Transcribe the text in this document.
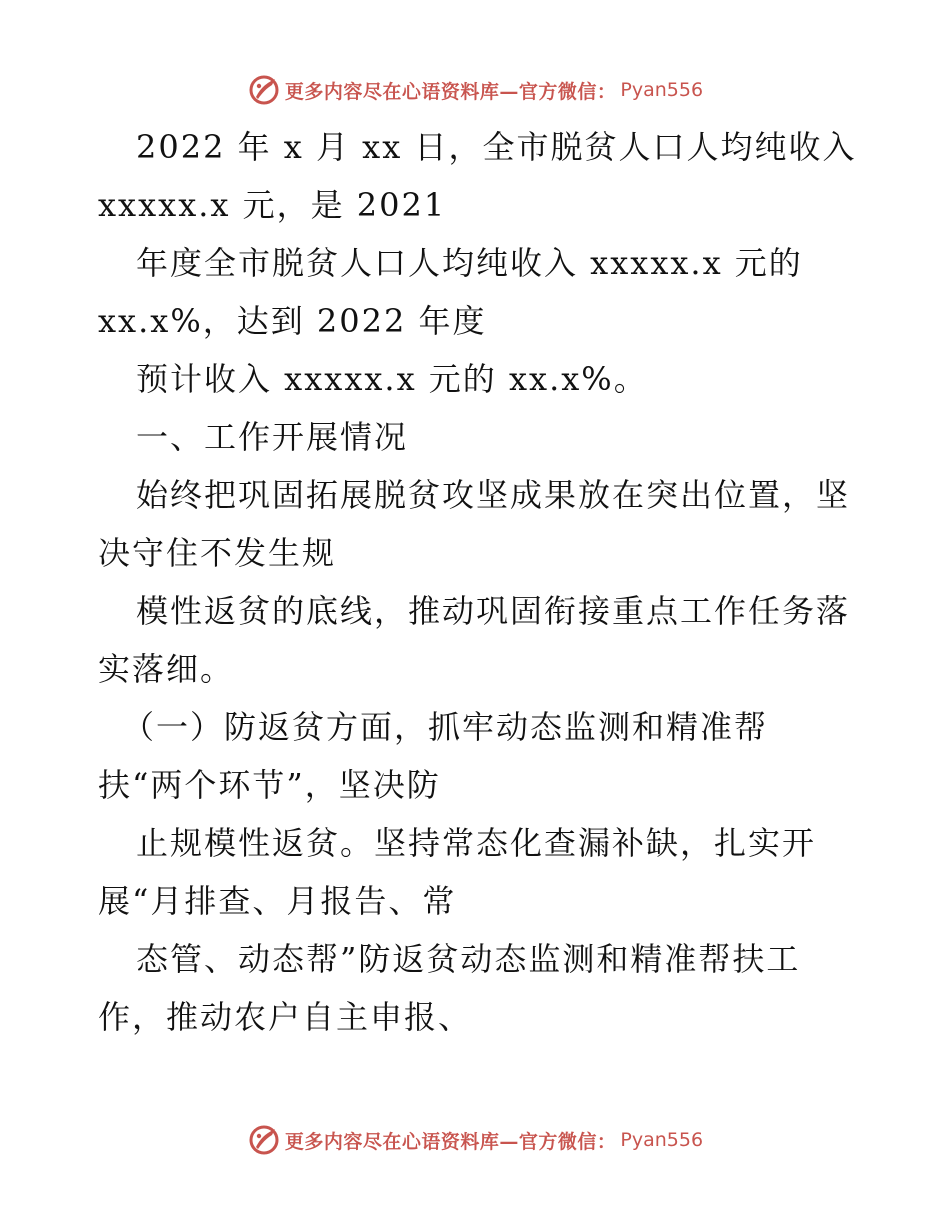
更多内容尽在心语资料库—官方微信： Pyan556
2022 年 x 月 xx 日，全市脱贫人口人均纯收入
xxxxx.x 元，是 2021
年度全市脱贫人口人均纯收入 xxxxx.x 元的
xx.x%，达到 2022 年度
预计收入 xxxxx.x 元的 xx.x%。
一、工作开展情况
始终把巩固拓展脱贫攻坚成果放在突出位置，坚
决守住不发生规
模性返贫的底线，推动巩固衔接重点工作任务落
实落细。
（一）防返贫方面，抓牢动态监测和精准帮
扶“两个环节”，坚决防
止规模性返贫。坚持常态化查漏补缺，扎实开
展“月排查、月报告、常
态管、动态帮”防返贫动态监测和精准帮扶工
作，推动农户自主申报、
更多内容尽在心语资料库—官方微信： Pyan556
